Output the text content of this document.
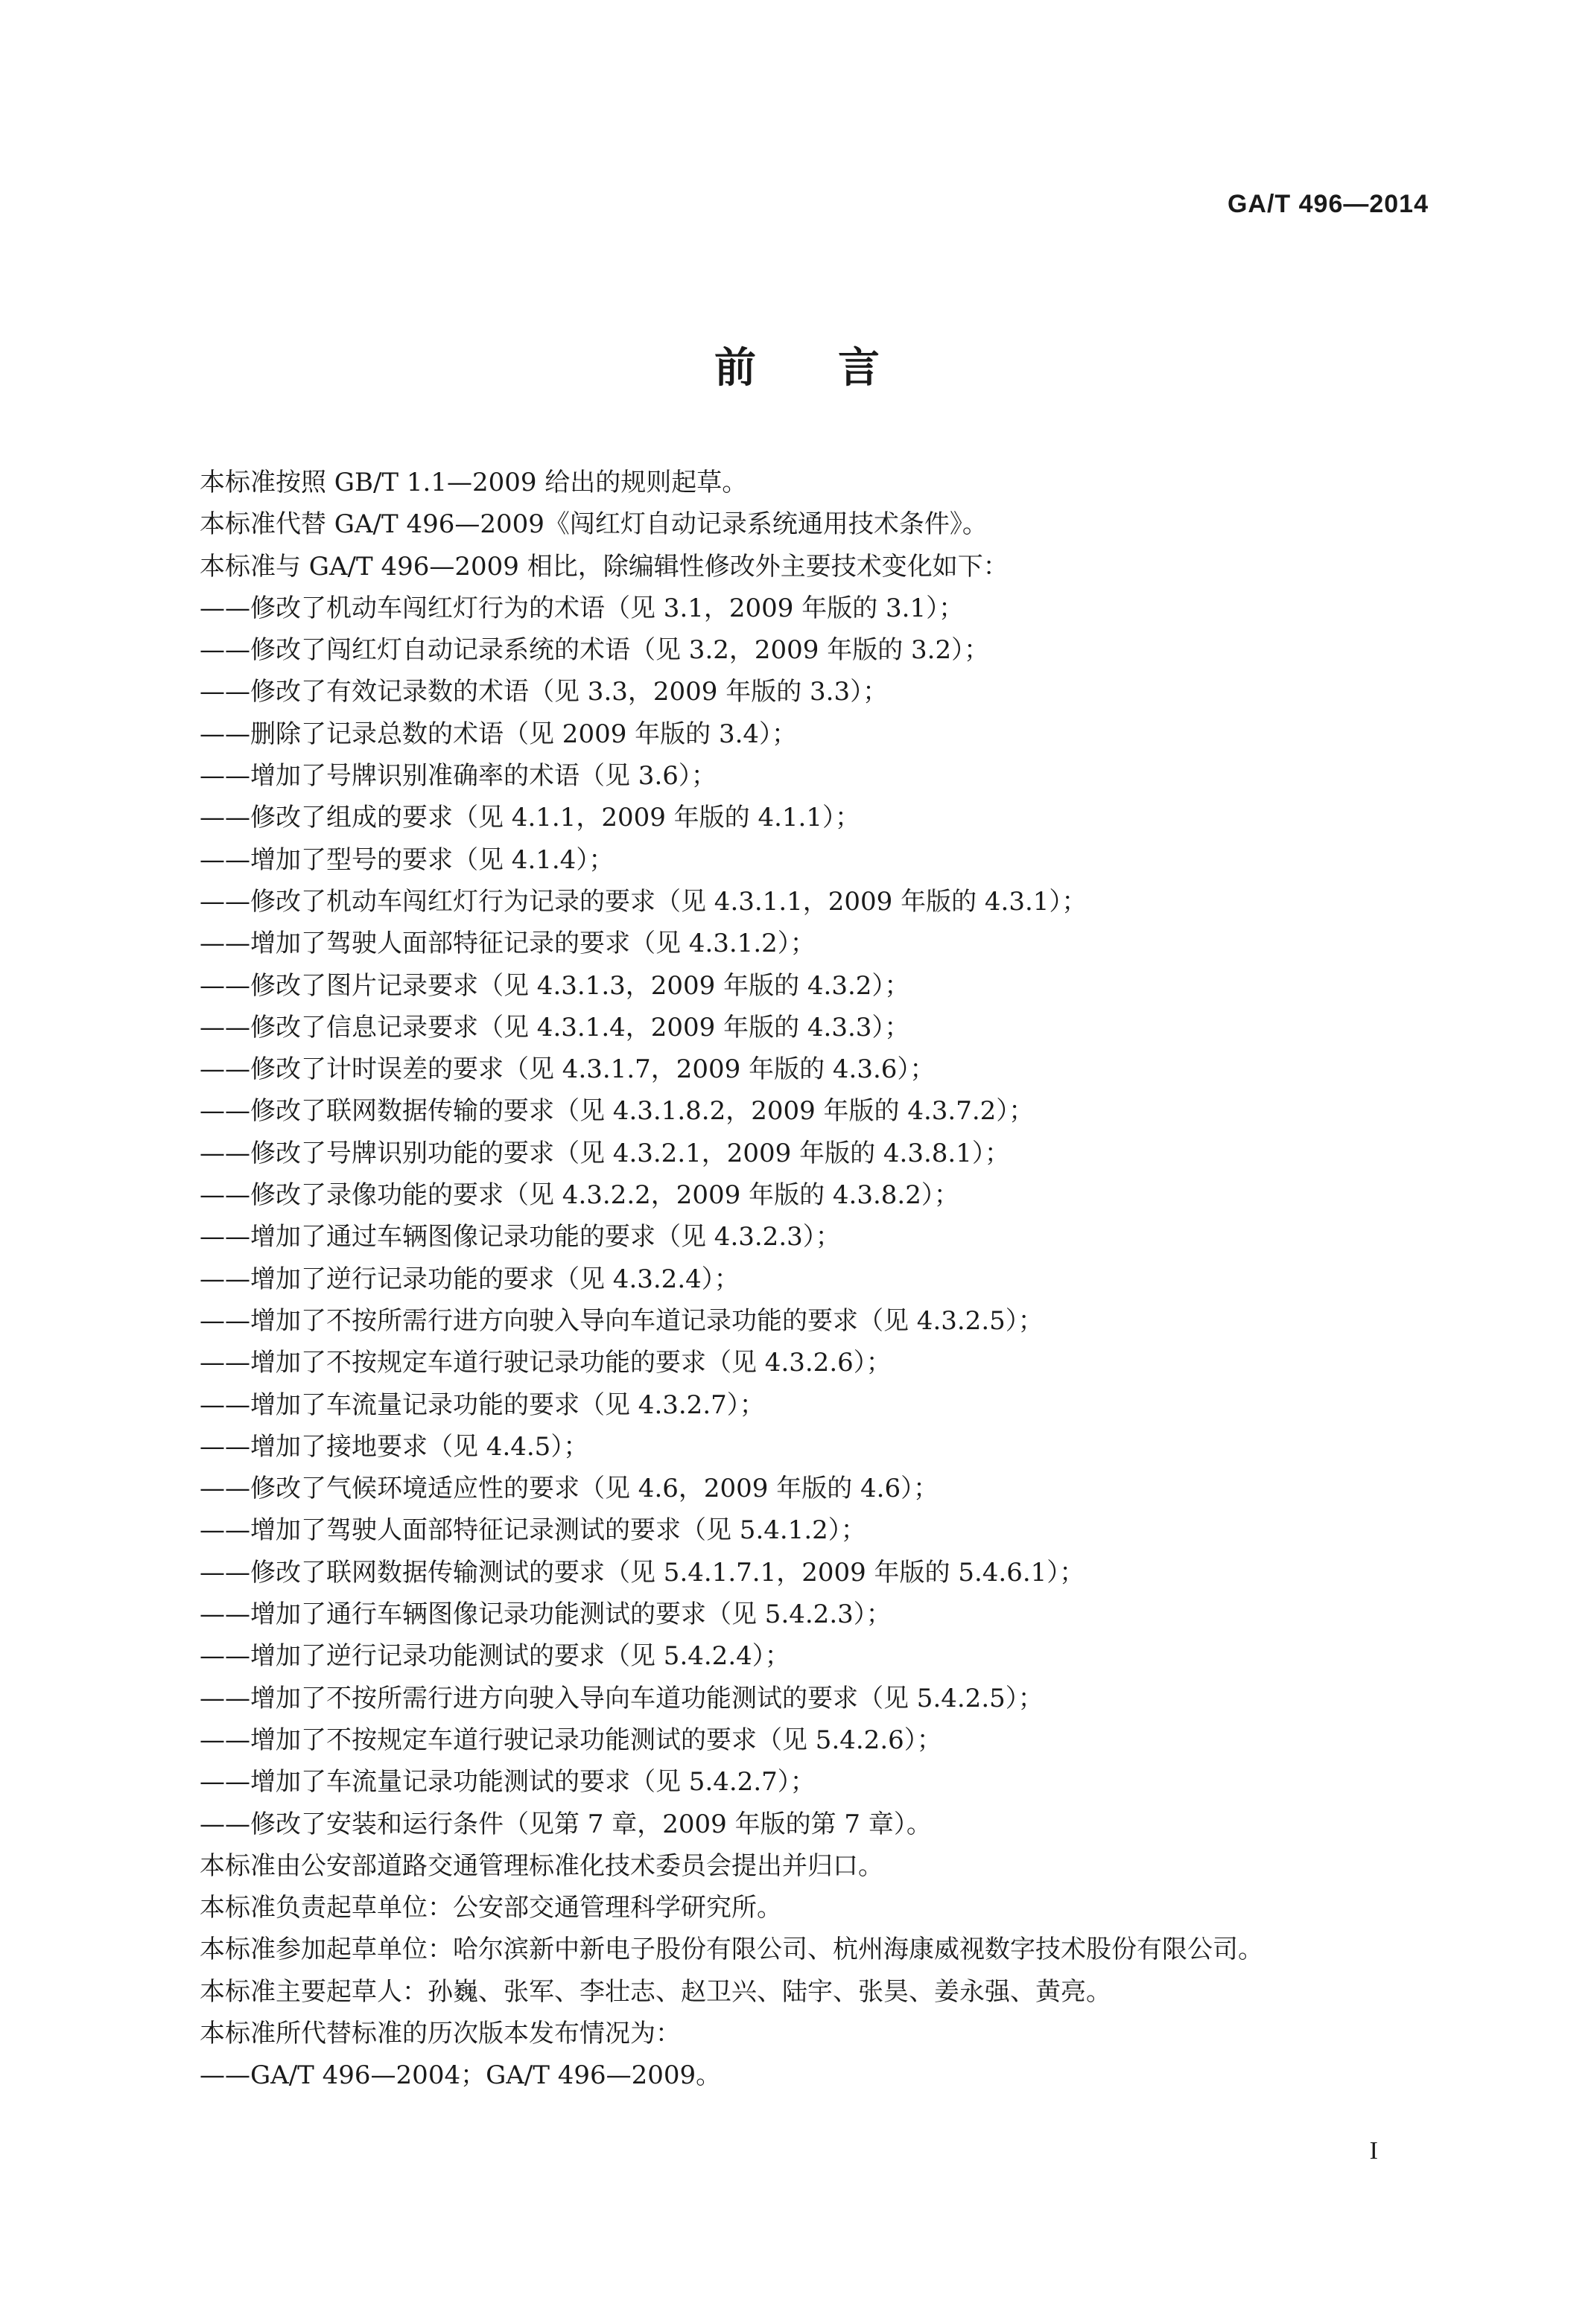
GA/T 496—2014
前言
本标准按照 GB/T 1.1—2009 给出的规则起草。
本标准代替 GA/T 496—2009《闯红灯自动记录系统通用技术条件》。
本标准与 GA/T 496—2009 相比，除编辑性修改外主要技术变化如下：
——修改了机动车闯红灯行为的术语（见 3.1，2009 年版的 3.1）；
——修改了闯红灯自动记录系统的术语（见 3.2，2009 年版的 3.2）；
——修改了有效记录数的术语（见 3.3，2009 年版的 3.3）；
——删除了记录总数的术语（见 2009 年版的 3.4）；
——增加了号牌识别准确率的术语（见 3.6）；
——修改了组成的要求（见 4.1.1，2009 年版的 4.1.1）；
——增加了型号的要求（见 4.1.4）；
——修改了机动车闯红灯行为记录的要求（见 4.3.1.1，2009 年版的 4.3.1）；
——增加了驾驶人面部特征记录的要求（见 4.3.1.2）；
——修改了图片记录要求（见 4.3.1.3，2009 年版的 4.3.2）；
——修改了信息记录要求（见 4.3.1.4，2009 年版的 4.3.3）；
——修改了计时误差的要求（见 4.3.1.7，2009 年版的 4.3.6）；
——修改了联网数据传输的要求（见 4.3.1.8.2，2009 年版的 4.3.7.2）；
——修改了号牌识别功能的要求（见 4.3.2.1，2009 年版的 4.3.8.1）；
——修改了录像功能的要求（见 4.3.2.2，2009 年版的 4.3.8.2）；
——增加了通过车辆图像记录功能的要求（见 4.3.2.3）；
——增加了逆行记录功能的要求（见 4.3.2.4）；
——增加了不按所需行进方向驶入导向车道记录功能的要求（见 4.3.2.5）；
——增加了不按规定车道行驶记录功能的要求（见 4.3.2.6）；
——增加了车流量记录功能的要求（见 4.3.2.7）；
——增加了接地要求（见 4.4.5）；
——修改了气候环境适应性的要求（见 4.6，2009 年版的 4.6）；
——增加了驾驶人面部特征记录测试的要求（见 5.4.1.2）；
——修改了联网数据传输测试的要求（见 5.4.1.7.1，2009 年版的 5.4.6.1）；
——增加了通行车辆图像记录功能测试的要求（见 5.4.2.3）；
——增加了逆行记录功能测试的要求（见 5.4.2.4）；
——增加了不按所需行进方向驶入导向车道功能测试的要求（见 5.4.2.5）；
——增加了不按规定车道行驶记录功能测试的要求（见 5.4.2.6）；
——增加了车流量记录功能测试的要求（见 5.4.2.7）；
——修改了安装和运行条件（见第 7 章，2009 年版的第 7 章）。
本标准由公安部道路交通管理标准化技术委员会提出并归口。
本标准负责起草单位：公安部交通管理科学研究所。
本标准参加起草单位：哈尔滨新中新电子股份有限公司、杭州海康威视数字技术股份有限公司。
本标准主要起草人：孙巍、张军、李壮志、赵卫兴、陆宇、张昊、姜永强、黄亮。
本标准所代替标准的历次版本发布情况为：
——GA/T 496—2004；GA/T 496—2009。
I
